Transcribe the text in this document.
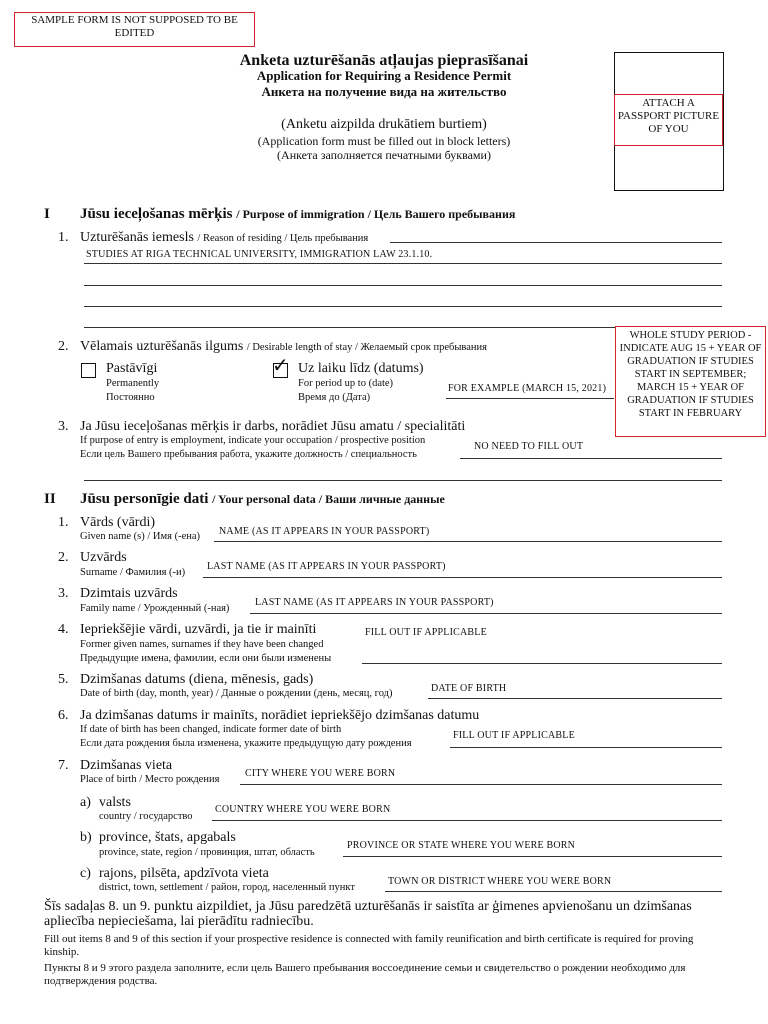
SAMPLE FORM IS NOT SUPPOSED TO BE EDITED
Anketa uzturēšanās atļaujas pieprasīšanai
Application for Requiring a Residence Permit
Анкета на получение вида на жительство
(Anketu aizpilda drukātiem burtiem)
(Application form must be filled out in block letters)
(Анкета заполняется печатными буквами)
ATTACH A PASSPORT PICTURE OF YOU
I Jūsu ieceļošanas mērķis / Purpose of immigration / Цель Вашего пребывания
1. Uzturēšanās iemesls / Reason of residing / Цель пребывания
STUDIES AT RIGA TECHNICAL UNIVERSITY, IMMIGRATION LAW 23.1.10.
2. Vēlamais uzturēšanās ilgums / Desirable length of stay / Желаемый срок пребывания
Pastāvīgi
Permanently
Постоянно
✓ Uz laiku līdz (datums)
For period up to (date)
Время до (Дата)
FOR EXAMPLE (MARCH 15, 2021)
WHOLE STUDY PERIOD - INDICATE AUG 15 + YEAR OF GRADUATION IF STUDIES START IN SEPTEMBER; MARCH 15 + YEAR OF GRADUATION IF STUDIES START IN FEBRUARY
3. Ja Jūsu ieceļošanas mērķis ir darbs, norādiet Jūsu amatu / specialitāti
If purpose of entry is employment, indicate your occupation / prospective position
Если цель Вашего пребывания работа, укажите должность / специальность
NO NEED TO FILL OUT
II Jūsu personīgie dati / Your personal data / Ваши личные данные
1. Vārds (vārdi)
Given name (s) / Имя (-ена) NAME (AS IT APPEARS IN YOUR PASSPORT)
2. Uzvārds
Surname / Фамилия (-и)
LAST NAME (AS IT APPEARS IN YOUR PASSPORT)
3. Dzimtais uzvārds
Family name / Урожденный (-ная)
LAST NAME (AS IT APPEARS IN YOUR PASSPORT)
4. Iepriekšējie vārdi, uzvārdi, ja tie ir mainīti
Former given names, surnames if they have been changed
Предыдущие имена, фамилии, если они были изменены
FILL OUT IF APPLICABLE
5. Dzimšanas datums (diena, mēnesis, gads)
Date of birth (day, month, year) / Данные о рождении (день, месяц, год)	DATE OF BIRTH
6. Ja dzimšanas datums ir mainīts, norādiet iepriekšējo dzimšanas datumu
If date of birth has been changed, indicate former date of birth
Если дата рождения была изменена, укажите предыдущую дату рождения
FILL OUT IF APPLICABLE
7. Dzimšanas vieta
Place of birth / Место рождения
CITY WHERE YOU WERE BORN
a) valsts
country / государство
COUNTRY WHERE YOU WERE BORN
b) province, štats, apgabals
province, state, region / провинция, штат, область
PROVINCE OR STATE WHERE YOU WERE BORN
c) rajons, pilsēta, apdzīvota vieta
district, town, settlement / район, город, населенный пункт
TOWN OR DISTRICT WHERE YOU WERE BORN
Šīs sadaļas 8. un 9. punktu aizpildiet, ja Jūsu paredzētā uzturēšanās ir saistīta ar ģimenes apvienošanu un dzimšanas apliecība nepieciešama, lai pierādītu radniecību.
Fill out items 8 and 9 of this section if your prospective residence is connected with family reunification and birth certificate is required for proving kinship.
Пункты 8 и 9 этого раздела заполните, если цель Вашего пребывания воссоединение семьи и свидетельство о рождении необходимо для подтверждения родства.
